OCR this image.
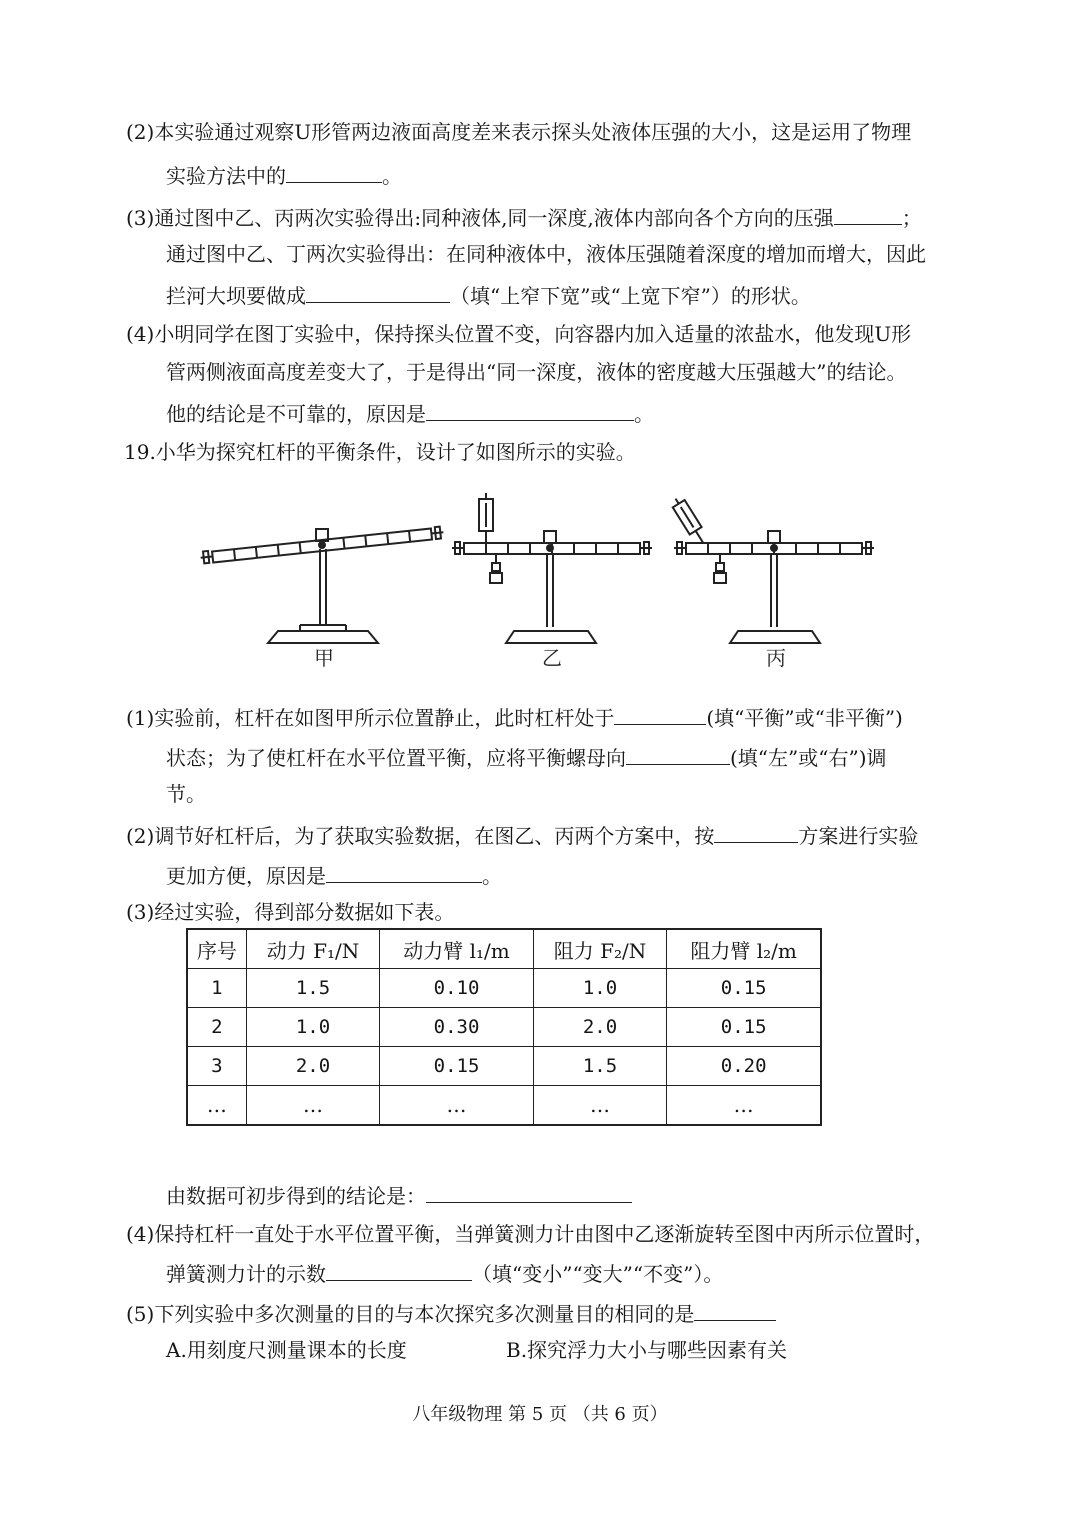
(2)本实验通过观察U形管两边液面高度差来表示探头处液体压强的大小，这是运用了物理
实验方法中的	。
(3)通过图中乙、丙两次实验得出:同种液体,同一深度,液体内部向各个方向的压强	；
通过图中乙、丁两次实验得出：在同种液体中，液体压强随着深度的增加而增大，因此
拦河大坝要做成	（填“上窄下宽”或“上宽下窄”）的形状。
(4)小明同学在图丁实验中，保持探头位置不变，向容器内加入适量的浓盐水，他发现U形
管两侧液面高度差变大了，于是得出“同一深度，液体的密度越大压强越大”的结论。
他的结论是不可靠的，原因是	。
19.小华为探究杠杆的平衡条件，设计了如图所示的实验。
甲	乙	丙
(1)实验前，杠杆在如图甲所示位置静止，此时杠杆处于	(填“平衡”或“非平衡”)
状态；为了使杠杆在水平位置平衡，应将平衡螺母向	(填“左”或“右”)调
节。
(2)调节好杠杆后，为了获取实验数据，在图乙、丙两个方案中，按	方案进行实验
更加方便，原因是	。
(3)经过实验，得到部分数据如下表。
序号	动力 F₁/N	动力臂 l₁/m	阻力 F₂/N	阻力臂 l₂/m
1	1.5	0.10	1.0	0.15
2	1.0	0.30	2.0	0.15
3	2.0	0.15	1.5	0.20
…	…	…	…	…
由数据可初步得到的结论是：
(4)保持杠杆一直处于水平位置平衡，当弹簧测力计由图中乙逐渐旋转至图中丙所示位置时，
弹簧测力计的示数	（填“变小”“变大”“不变”）。
(5)下列实验中多次测量的目的与本次探究多次测量目的相同的是
A.用刻度尺测量课本的长度	B.探究浮力大小与哪些因素有关
八年级物理 第 5 页 （共 6 页）
